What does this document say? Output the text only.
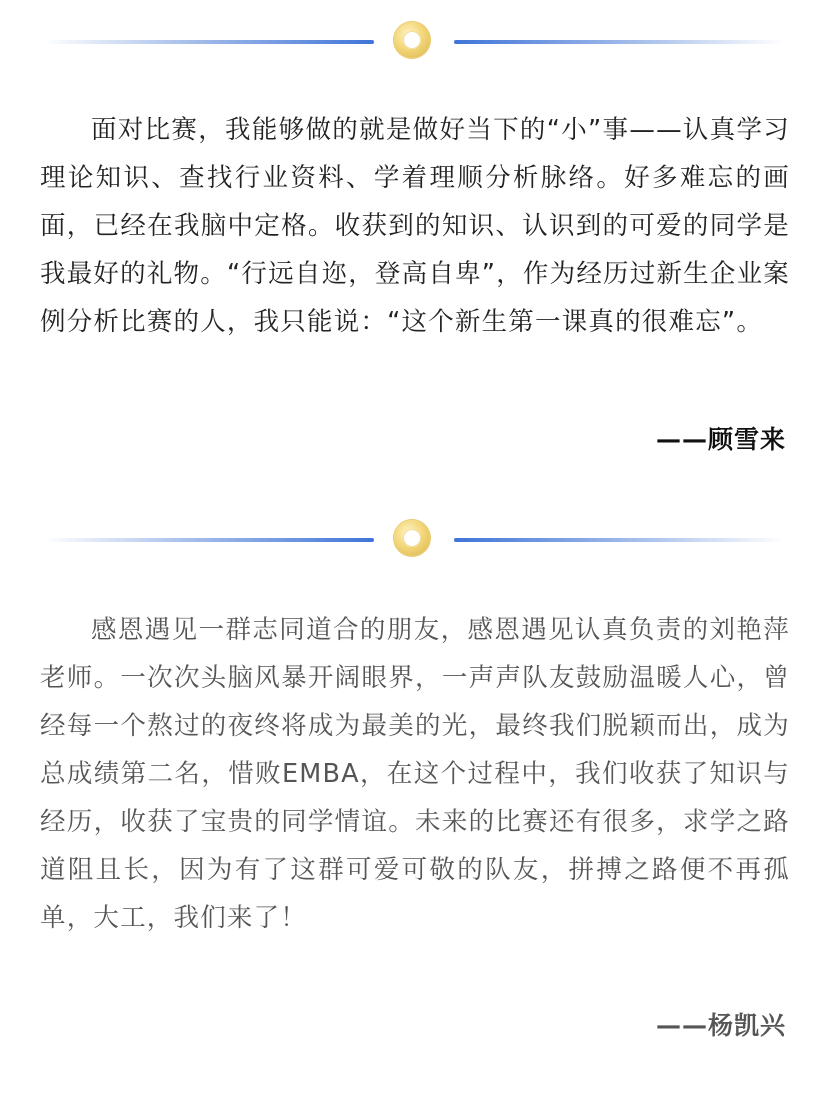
面对比赛，我能够做的就是做好当下的“小”事——认真学习理论知识、查找行业资料、学着理顺分析脉络。好多难忘的画面，已经在我脑中定格。收获到的知识、认识到的可爱的同学是我最好的礼物。“行远自迩，登高自卑”，作为经历过新生企业案例分析比赛的人，我只能说：“这个新生第一课真的很难忘”。

——顾雪来

感恩遇见一群志同道合的朋友，感恩遇见认真负责的刘艳萍老师。一次次头脑风暴开阔眼界，一声声队友鼓励温暖人心，曾经每一个熬过的夜终将成为最美的光，最终我们脱颖而出，成为总成绩第二名，惜败EMBA，在这个过程中，我们收获了知识与经历，收获了宝贵的同学情谊。未来的比赛还有很多，求学之路道阻且长，因为有了这群可爱可敬的队友，拼搏之路便不再孤单，大工，我们来了！

——杨凯兴
